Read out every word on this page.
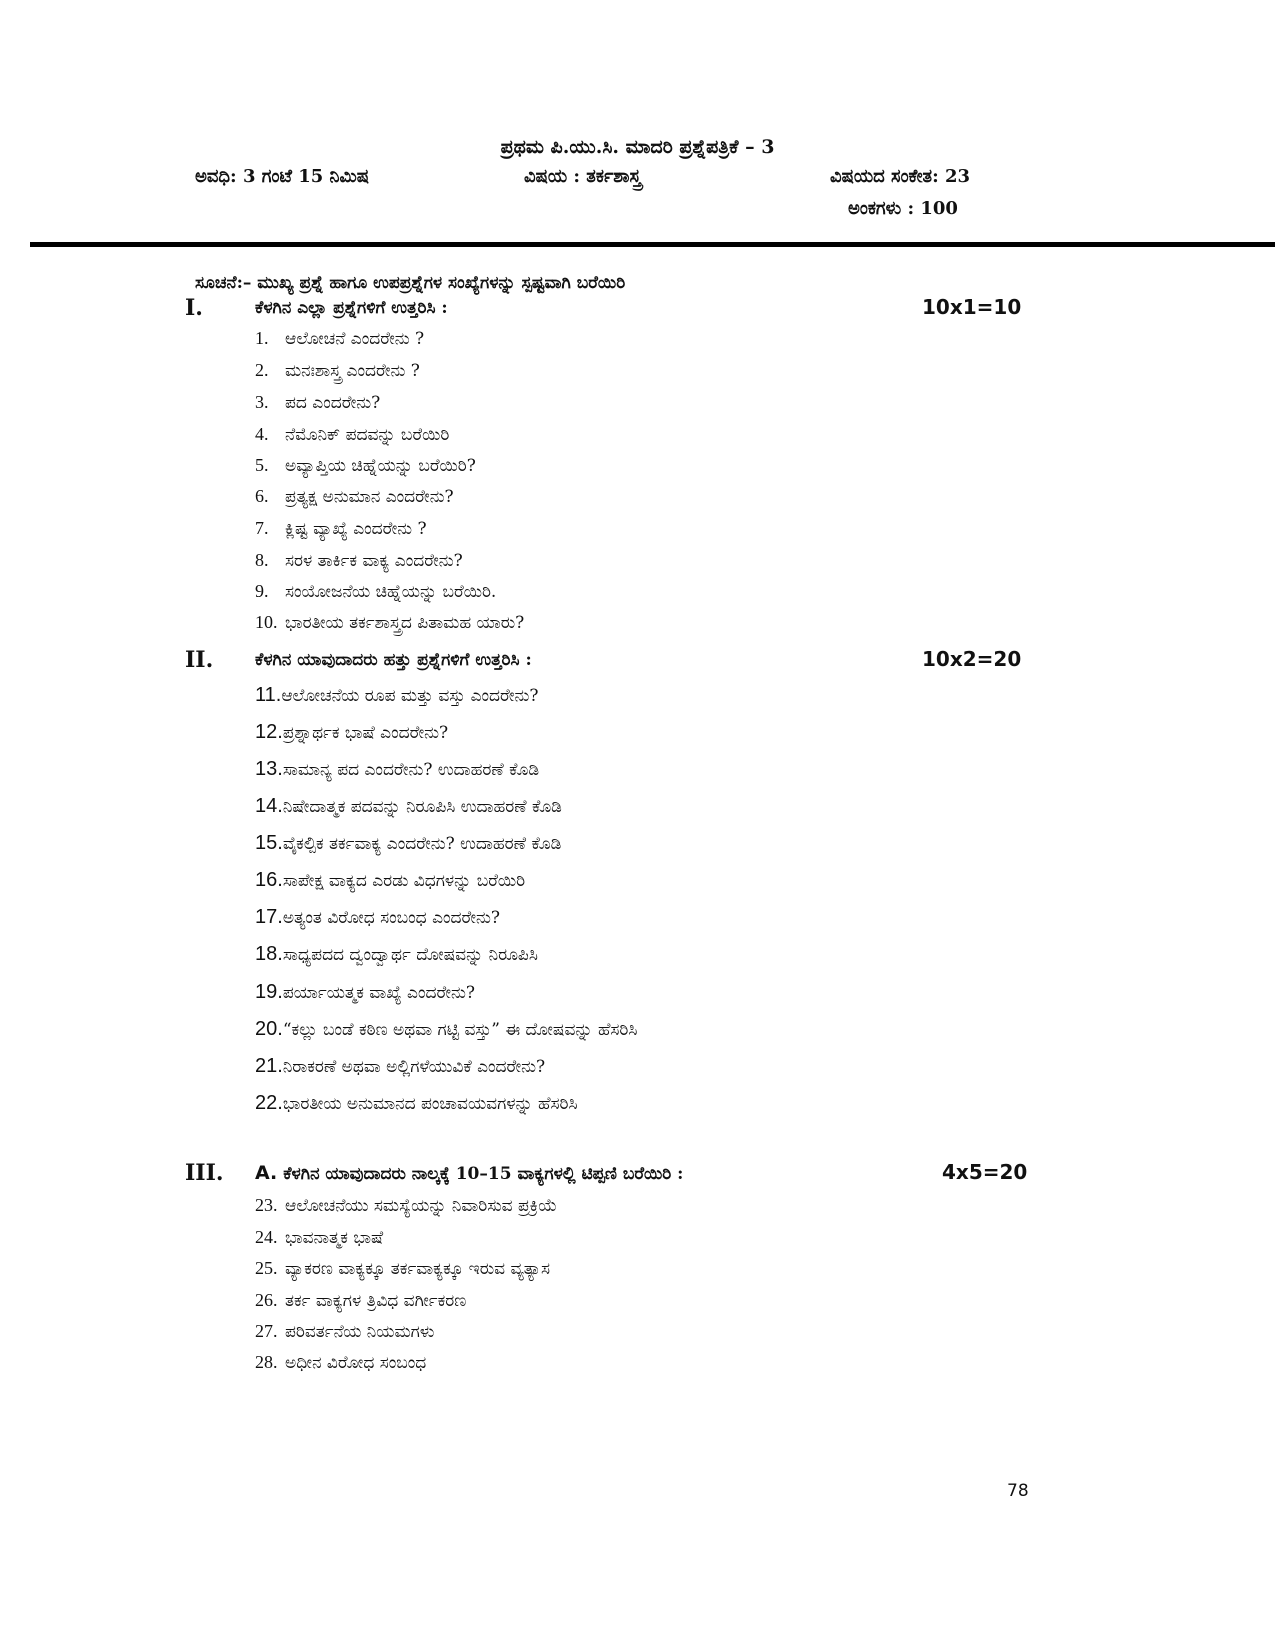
ಪ್ರಥಮ ಪಿ.ಯು.ಸಿ. ಮಾದರಿ ಪ್ರಶ್ನೆಪತ್ರಿಕೆ – 3
ಅವಧಿ: 3 ಗಂಟೆ 15 ನಿಮಿಷ	ವಿಷಯ : ತರ್ಕಶಾಸ್ತ್ರ	ವಿಷಯದ ಸಂಕೇತ: 23
ಅಂಕಗಳು : 100
ಸೂಚನೆ:– ಮುಖ್ಯ ಪ್ರಶ್ನೆ ಹಾಗೂ ಉಪಪ್ರಶ್ನೆಗಳ ಸಂಖ್ಯೆಗಳನ್ನು ಸ್ಪಷ್ಟವಾಗಿ ಬರೆಯಿರಿ
I.	ಕೆಳಗಿನ ಎಲ್ಲಾ ಪ್ರಶ್ನೆಗಳಿಗೆ ಉತ್ತರಿಸಿ :	10x1=10
1. ಆಲೋಚನೆ ಎಂದರೇನು ?
2. ಮನಃಶಾಸ್ತ್ರ ಎಂದರೇನು ?
3. ಪದ ಎಂದರೇನು?
4. ನೆಮೊನಿಕ್ ಪದವನ್ನು ಬರೆಯಿರಿ
5. ಅವ್ಯಾಪ್ತಿಯ ಚಿಹ್ನೆಯನ್ನು ಬರೆಯಿರಿ?
6. ಪ್ರತ್ಯಕ್ಷ ಅನುಮಾನ ಎಂದರೇನು?
7. ಕ್ಲಿಷ್ಟ ವ್ಯಾಖ್ಯೆ ಎಂದರೇನು ?
8. ಸರಳ ತಾರ್ಕಿಕ ವಾಕ್ಯ ಎಂದರೇನು?
9. ಸಂಯೋಜನೆಯ ಚಿಹ್ನೆಯನ್ನು ಬರೆಯಿರಿ.
10. ಭಾರತೀಯ ತರ್ಕಶಾಸ್ತ್ರದ ಪಿತಾಮಹ ಯಾರು?
II. ಕೆಳಗಿನ ಯಾವುದಾದರು ಹತ್ತು ಪ್ರಶ್ನೆಗಳಿಗೆ ಉತ್ತರಿಸಿ :	10x2=20
11.ಆಲೋಚನೆಯ ರೂಪ ಮತ್ತು ವಸ್ತು ಎಂದರೇನು?
12.ಪ್ರಶ್ನಾರ್ಥಕ ಭಾಷೆ ಎಂದರೇನು?
13.ಸಾಮಾನ್ಯ ಪದ ಎಂದರೇನು? ಉದಾಹರಣೆ ಕೊಡಿ
14.ನಿಷೇದಾತ್ಮಕ ಪದವನ್ನು ನಿರೂಪಿಸಿ ಉದಾಹರಣೆ ಕೊಡಿ
15.ವೈಕಲ್ಪಿಕ ತರ್ಕವಾಕ್ಯ ಎಂದರೇನು? ಉದಾಹರಣೆ ಕೊಡಿ
16.ಸಾಪೇಕ್ಷ ವಾಕ್ಯದ ಎರಡು ವಿಧಗಳನ್ನು ಬರೆಯಿರಿ
17.ಅತ್ಯಂತ ವಿರೋಧ ಸಂಬಂಧ ಎಂದರೇನು?
18.ಸಾಧ್ಯಪದದ ದ್ವಂದ್ವಾರ್ಥ ದೋಷವನ್ನು ನಿರೂಪಿಸಿ
19.ಪರ್ಯಾಯತ್ಮಕ ವಾಖ್ಯೆ ಎಂದರೇನು?
20.“ಕಲ್ಲು ಬಂಡೆ ಕಠಿಣ ಅಥವಾ ಗಟ್ಟಿ ವಸ್ತು” ಈ ದೋಷವನ್ನು ಹೆಸರಿಸಿ
21.ನಿರಾಕರಣೆ ಅಥವಾ ಅಲ್ಲಿಗಳೆಯುವಿಕೆ ಎಂದರೇನು?
22.ಭಾರತೀಯ ಅನುಮಾನದ ಪಂಚಾವಯವಗಳನ್ನು ಹೆಸರಿಸಿ
III. A. ಕೆಳಗಿನ ಯಾವುದಾದರು ನಾಲ್ಕಕ್ಕೆ 10–15 ವಾಕ್ಯಗಳಲ್ಲಿ ಟಿಪ್ಪಣಿ ಬರೆಯಿರಿ :	4x5=20
23. ಆಲೋಚನೆಯು ಸಮಸ್ಯೆಯನ್ನು ನಿವಾರಿಸುವ ಪ್ರಕ್ರಿಯೆ
24. ಭಾವನಾತ್ಮಕ ಭಾಷೆ
25. ವ್ಯಾಕರಣ ವಾಕ್ಯಕ್ಕೂ ತರ್ಕವಾಕ್ಯಕ್ಕೂ ಇರುವ ವ್ಯತ್ಯಾಸ
26. ತರ್ಕ ವಾಕ್ಯಗಳ ತ್ರಿವಿಧ ವರ್ಗೀಕರಣ
27. ಪರಿವರ್ತನೆಯ ನಿಯಮಗಳು
28. ಅಧೀನ ವಿರೋಧ ಸಂಬಂಧ
78
